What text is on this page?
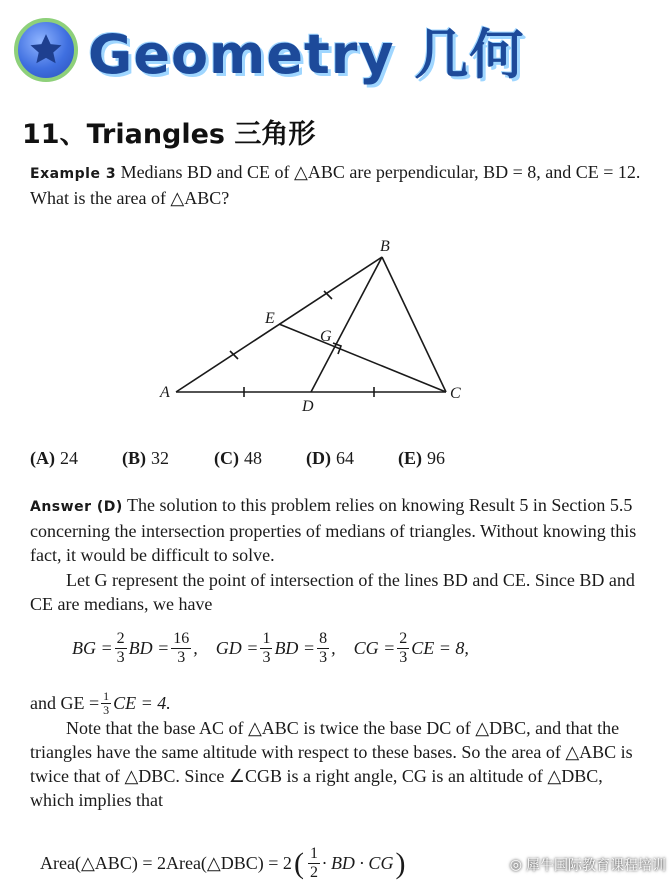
Geometry 几何
11、Triangles 三角形
Example 3 Medians BD and CE of △ABC are perpendicular, BD = 8, and CE = 12. What is the area of △ABC?
A
B
C
D
E
G
(A) 24	(B) 32	(C) 48	(D) 64	(E) 96
Answer (D) The solution to this problem relies on knowing Result 5 in Section 5.5 concerning the intersection properties of medians of triangles. Without knowing this fact, it would be difficult to solve.
Let G represent the point of intersection of the lines BD and CE. Since BD and CE are medians, we have
BG = $\frac{2}{3}$ BD = $\frac{16}{3}$ ,    GD = $\frac{1}{3}$ BD = $\frac{8}{3}$ ,    CG = $\frac{2}{3}$ CE = 8,
and GE = $\frac{1}{3}$ CE = 4.
Note that the base AC of △ABC is twice the base DC of △DBC, and that the triangles have the same altitude with respect to these bases. So the area of △ABC is twice that of △DBC. Since ∠CGB is a right angle, CG is an altitude of △DBC, which implies that
Area(△ABC) = 2Area(△DBC) = 2 ( $\frac{1}{2}$ · BD · CG )	◎ 犀牛国际教育课程培训
